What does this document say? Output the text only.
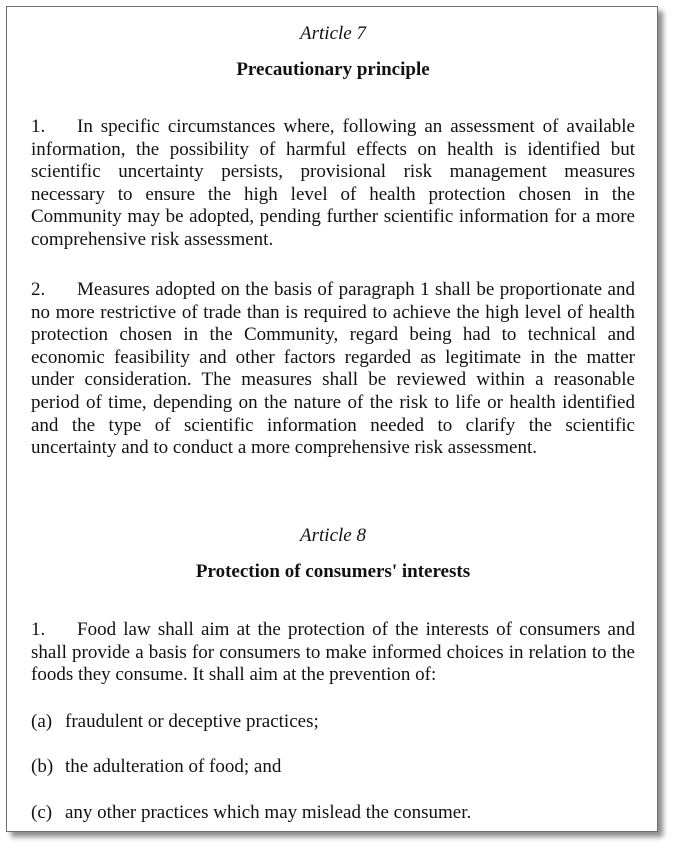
Article 7

Precautionary principle

1. In specific circumstances where, following an assessment of available information, the possibility of harmful effects on health is identified but scientific uncertainty persists, provisional risk management measures necessary to ensure the high level of health protection chosen in the Community may be adopted, pending further scientific information for a more comprehensive risk assessment.

2. Measures adopted on the basis of paragraph 1 shall be proportionate and no more restrictive of trade than is required to achieve the high level of health protection chosen in the Community, regard being had to technical and economic feasibility and other factors regarded as legitimate in the matter under consideration. The measures shall be reviewed within a reasonable period of time, depending on the nature of the risk to life or health identified and the type of scientific information needed to clarify the scientific uncertainty and to conduct a more comprehensive risk assessment.

Article 8

Protection of consumers' interests

1. Food law shall aim at the protection of the interests of consumers and shall provide a basis for consumers to make informed choices in relation to the foods they consume. It shall aim at the prevention of:

(a) fraudulent or deceptive practices;

(b) the adulteration of food; and

(c) any other practices which may mislead the consumer.
